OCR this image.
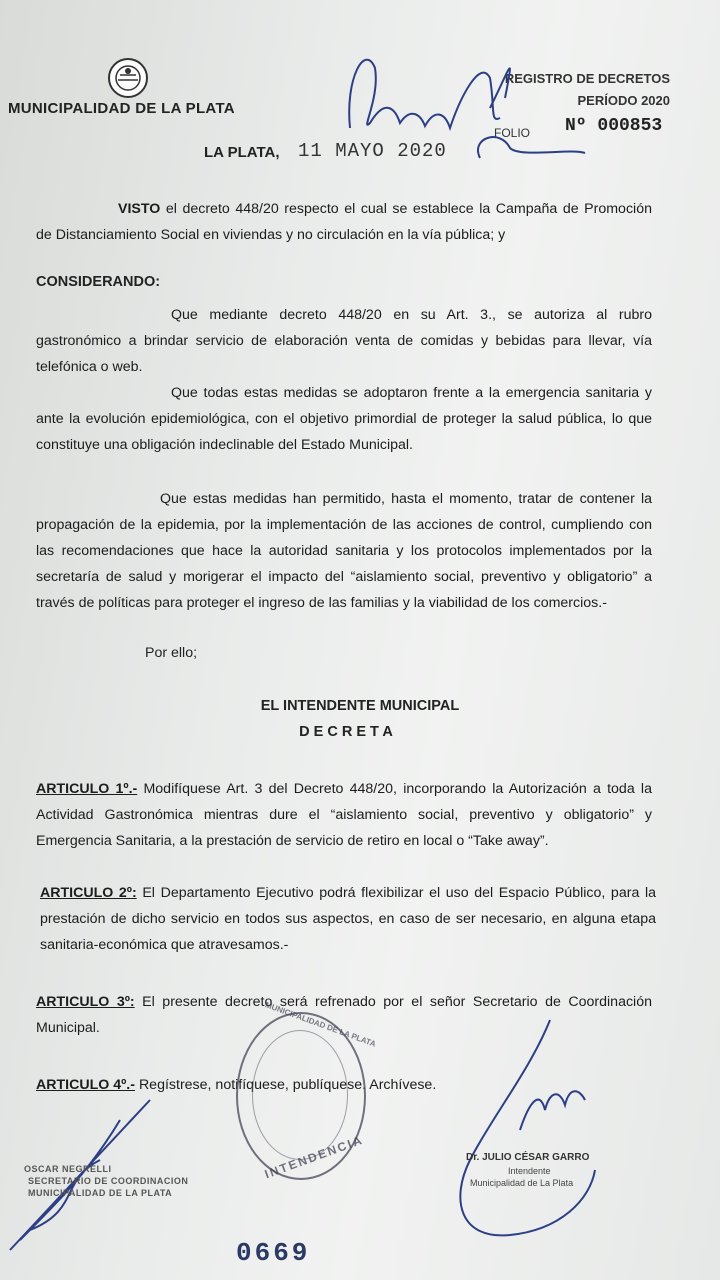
MUNICIPALIDAD DE LA PLATA
REGISTRO DE DECRETOS
PERÍODO 2020
FOLIO Nº 000853
LA PLATA, 11 MAYO 2020

VISTO el decreto 448/20 respecto el cual se establece la Campaña de Promoción de Distanciamiento Social en viviendas y no circulación en la vía pública; y

CONSIDERANDO:

Que mediante decreto 448/20 en su Art. 3., se autoriza al rubro gastronómico a brindar servicio de elaboración venta de comidas y bebidas para llevar, vía telefónica o web.

Que todas estas medidas se adoptaron frente a la emergencia sanitaria y ante la evolución epidemiológica, con el objetivo primordial de proteger la salud pública, lo que constituye una obligación indeclinable del Estado Municipal.

Que estas medidas han permitido, hasta el momento, tratar de contener la propagación de la epidemia, por la implementación de las acciones de control, cumpliendo con las recomendaciones que hace la autoridad sanitaria y los protocolos implementados por la secretaría de salud y morigerar el impacto del “aislamiento social, preventivo y obligatorio” a través de políticas para proteger el ingreso de las familias y la viabilidad de los comercios.-

Por ello;
EL INTENDENTE MUNICIPAL
D E C R E T A

ARTICULO 1º.- Modifíquese Art. 3 del Decreto 448/20, incorporando la Autorización a toda la Actividad Gastronómica mientras dure el “aislamiento social, preventivo y obligatorio” y Emergencia Sanitaria, a la prestación de servicio de retiro en local o “Take away”.

ARTICULO 2º: El Departamento Ejecutivo podrá flexibilizar el uso del Espacio Público, para la prestación de dicho servicio en todos sus aspectos, en caso de ser necesario, en alguna etapa sanitaria-económica que atravesamos.-

ARTICULO 3º: El presente decreto será refrenado por el señor Secretario de Coordinación Municipal.

ARTICULO 4º.- Regístrese, notifíquese, publíquese. Archívese.

MUNICIPALIDAD DE LA PLATA
INTENDENCIA
OSCAR NEGRELLI
SECRETARIO DE COORDINACION
MUNICIPALIDAD DE LA PLATA
Dr. JULIO CÉSAR GARRO
Intendente
Municipalidad de La Plata
0669
